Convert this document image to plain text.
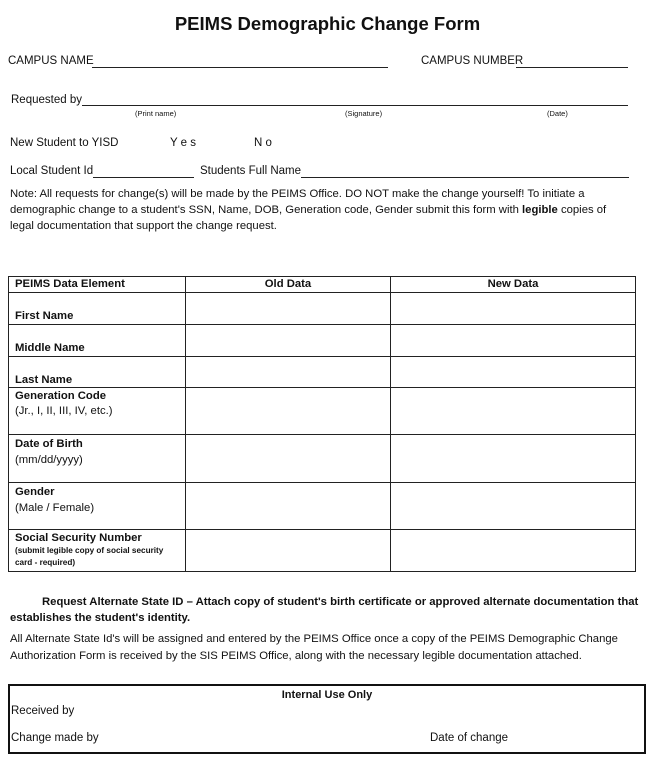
PEIMS Demographic Change Form
CAMPUS NAME	CAMPUS NUMBER
Requested by
(Print name)	(Signature)	(Date)
New Student to YISD	Y e s	N o
Local Student Id	Students Full Name
Note: All requests for change(s) will be made by the PEIMS Office. DO NOT make the change yourself! To initiate a demographic change to a student's SSN, Name, DOB, Generation code, Gender submit this form with legible copies of legal documentation that support the change request.
PEIMS Data Element	Old Data	New Data
First Name		
Middle Name		
Last Name		

Generation Code
(Jr., I, II, III, IV, etc.)		

Date of Birth
(mm/dd/yyyy)		

Gender
(Male / Female)		

Social Security Number
(submit legible copy of social security card - required)		

Request Alternate State ID – Attach copy of student's birth certificate or approved alternate documentation that establishes the student's identity.
All Alternate State Id's will be assigned and entered by the PEIMS Office once a copy of the PEIMS Demographic Change Authorization Form is received by the SIS PEIMS Office, along with the necessary legible documentation attached.
Internal Use Only
Received by
Change made by	Date of change
